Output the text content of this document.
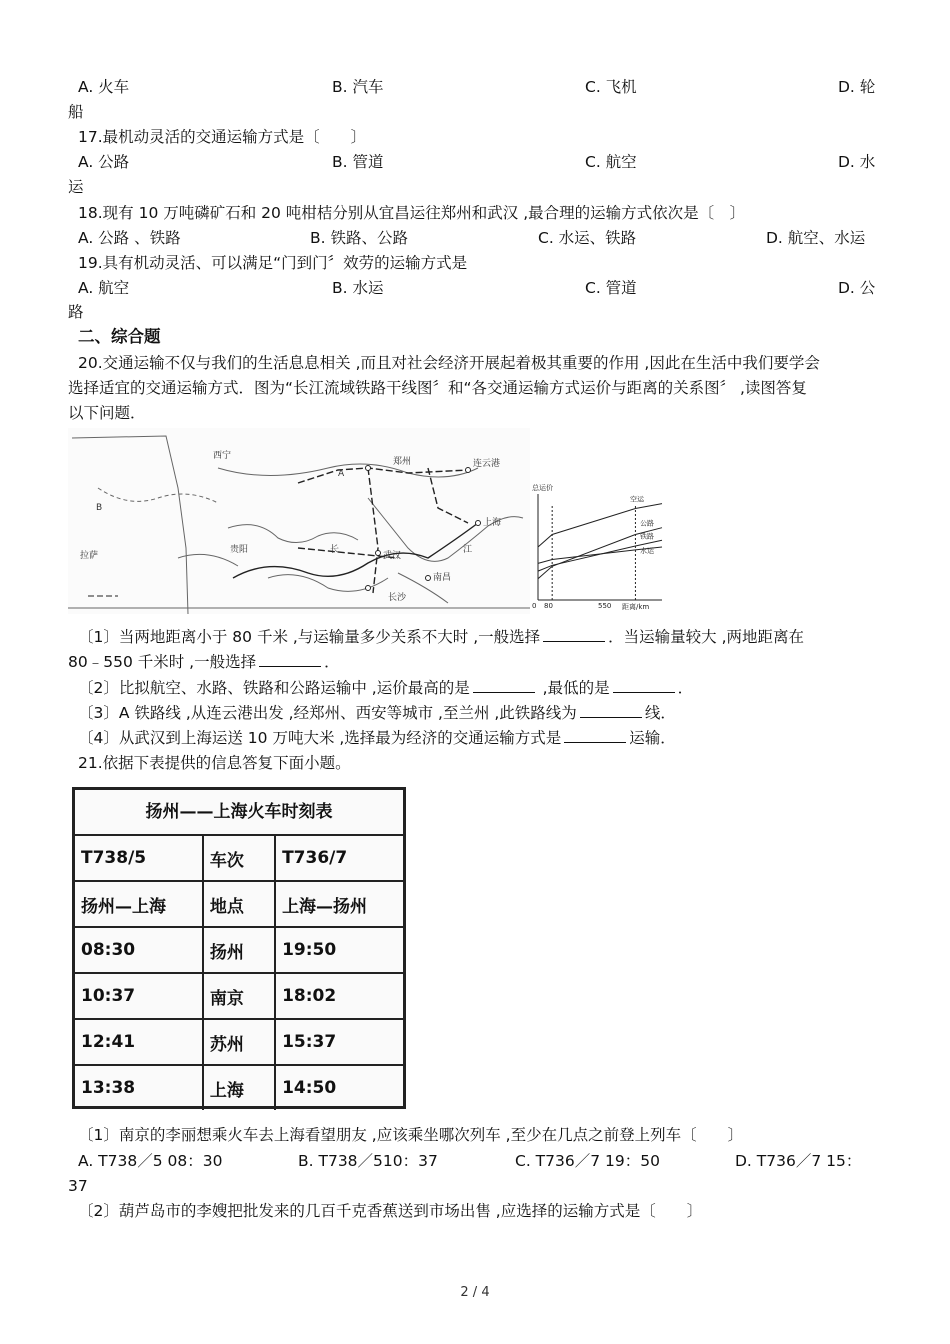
A. 火车	B. 汽车	C. 飞机	D. 轮
船
17.最机动灵活的交通运输方式是〔　　〕
A. 公路	B. 管道	C. 航空	D. 水
运
18.现有 10 万吨磷矿石和 20 吨柑桔分别从宜昌运往郑州和武汉 ,最合理的运输方式依次是〔　〕
A. 公路 、铁路	B. 铁路、公路	C. 水运、铁路	D. 航空、水运
19.具有机动灵活、可以满足“门到门〞效劳的运输方式是
A. 航空	B. 水运	C. 管道	D. 公
路
二、综合题
20.交通运输不仅与我们的生活息息相关 ,而且对社会经济开展起着极其重要的作用 ,因此在生活中我们要学会
选择适宜的交通运输方式．图为“长江流域铁路干线图〞和“各交通运输方式运价与距离的关系图〞 ,读图答复
以下问题．
西宁
A
郑州	连云港
上海
拉萨	武汉
长沙
南昌
贵阳	长	江
B
总运价
距离/km
0 80	550
空运
公路
铁路
水运
〔1〕当两地距离小于 80 千米 ,与运输量多少关系不大时 ,一般选择	．当运输量较大 ,两地距离在
80﹣550 千米时 ,一般选择	．
〔2〕比拟航空、水路、铁路和公路运输中 ,运价最高的是	,最低的是	．
〔3〕A 铁路线 ,从连云港出发 ,经郑州、西安等城市 ,至兰州 ,此铁路线为	线．
〔4〕从武汉到上海运送 10 万吨大米 ,选择最为经济的交通运输方式是	运输．
21.依据下表提供的信息答复下面小题。
扬州——上海火车时刻表
T738/5	车次	T736/7
扬州—上海	地点	上海—扬州
08:30	扬州	19:50
10:37	南京	18:02
12:41	苏州	15:37
13:38	上海	14:50
〔1〕南京的李丽想乘火车去上海看望朋友 ,应该乘坐哪次列车 ,至少在几点之前登上列车〔　　〕
A. T738／5 08：30	B. T738／510：37	C. T736／7 19：50	D. T736／7 15：
37
〔2〕葫芦岛市的李嫂把批发来的几百千克香蕉送到市场出售 ,应选择的运输方式是〔　　〕
2 / 4
